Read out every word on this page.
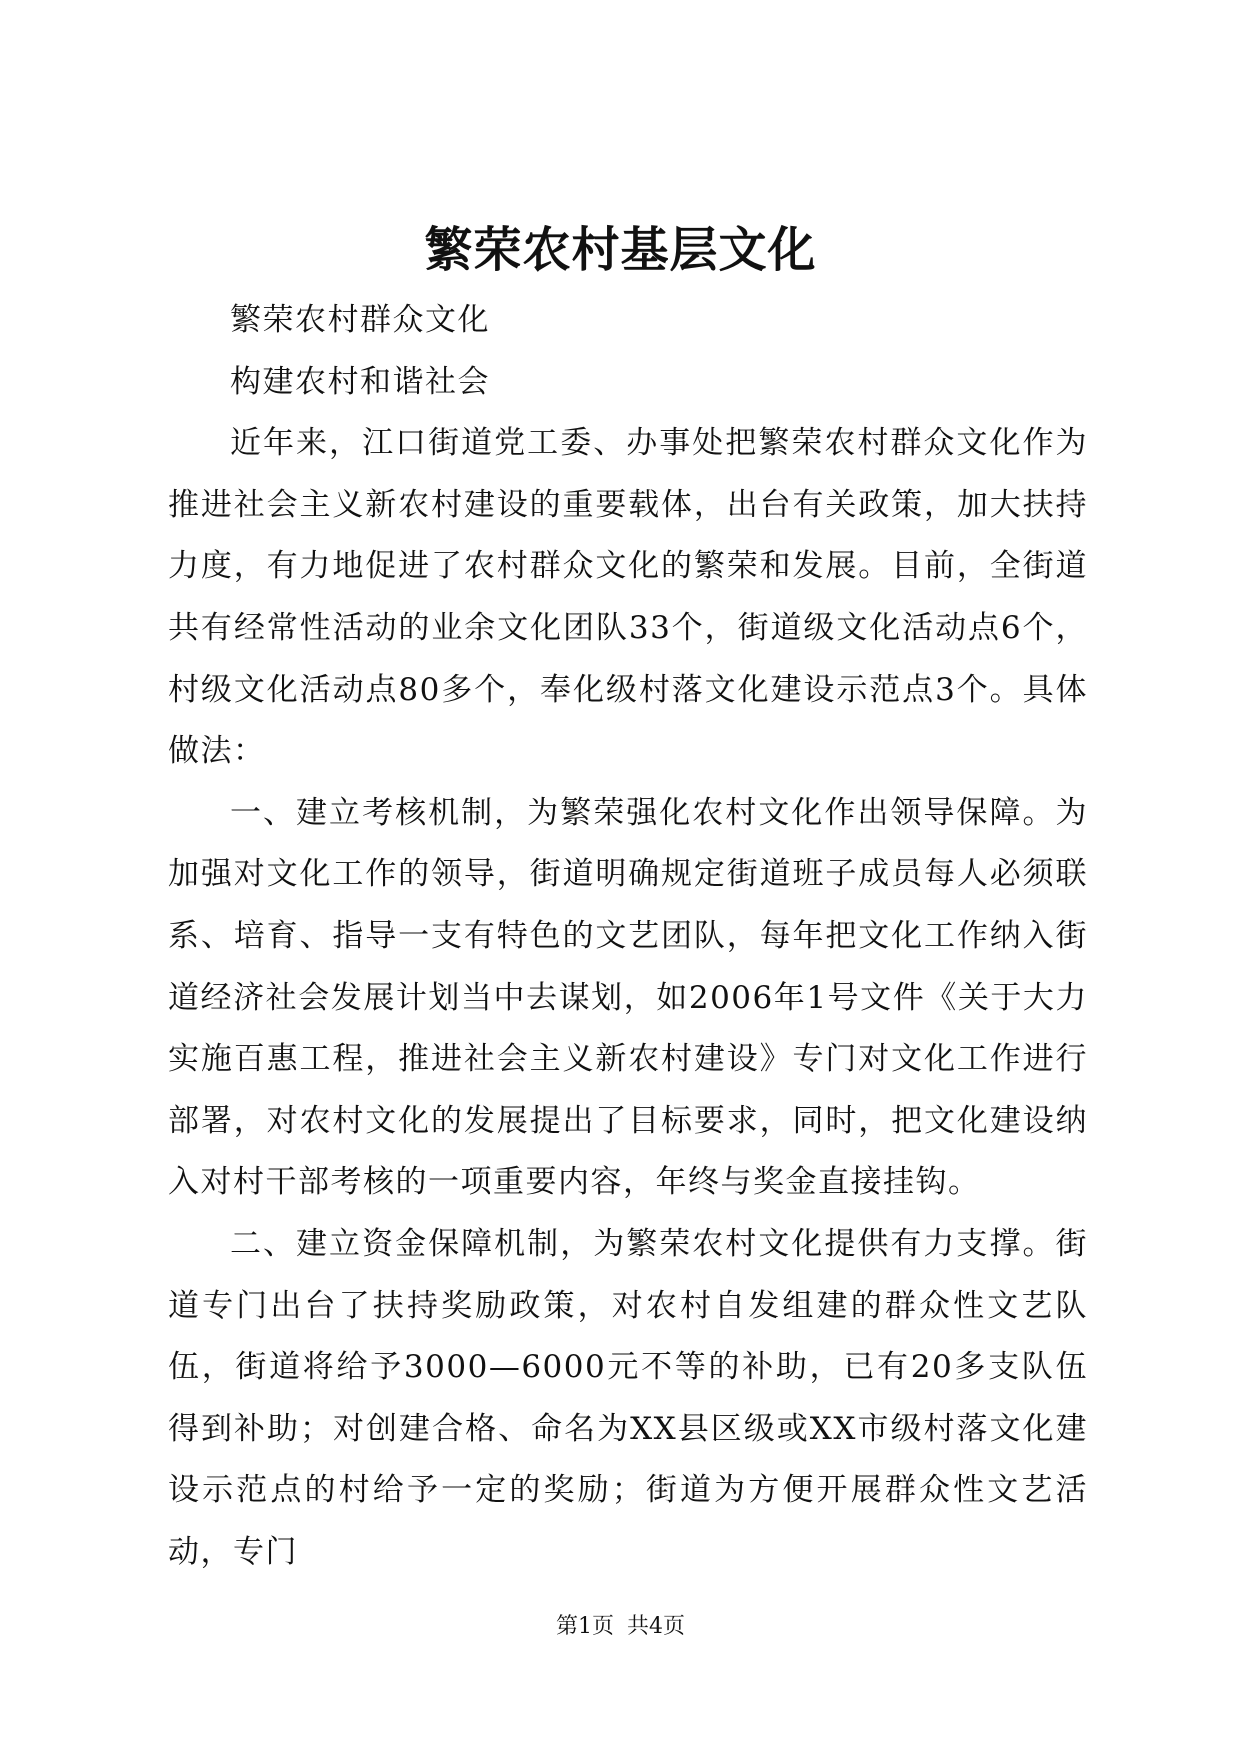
繁荣农村基层文化

繁荣农村群众文化

构建农村和谐社会

近年来，江口街道党工委、办事处把繁荣农村群众文化作为推进社会主义新农村建设的重要载体，出台有关政策，加大扶持力度，有力地促进了农村群众文化的繁荣和发展。目前，全街道共有经常性活动的业余文化团队33个，街道级文化活动点6个，村级文化活动点80多个，奉化级村落文化建设示范点3个。具体做法：

一、建立考核机制，为繁荣强化农村文化作出领导保障。为加强对文化工作的领导，街道明确规定街道班子成员每人必须联系、培育、指导一支有特色的文艺团队，每年把文化工作纳入街道经济社会发展计划当中去谋划，如2006年1号文件《关于大力实施百惠工程，推进社会主义新农村建设》专门对文化工作进行部署，对农村文化的发展提出了目标要求，同时，把文化建设纳入对村干部考核的一项重要内容，年终与奖金直接挂钩。

二、建立资金保障机制，为繁荣农村文化提供有力支撑。街道专门出台了扶持奖励政策，对农村自发组建的群众性文艺队伍，街道将给予3000—6000元不等的补助，已有20多支队伍得到补助；对创建合格、命名为XX县区级或XX市级村落文化建设示范点的村给予一定的奖励；街道为方便开展群众性文艺活动，专门

第1页 共4页
